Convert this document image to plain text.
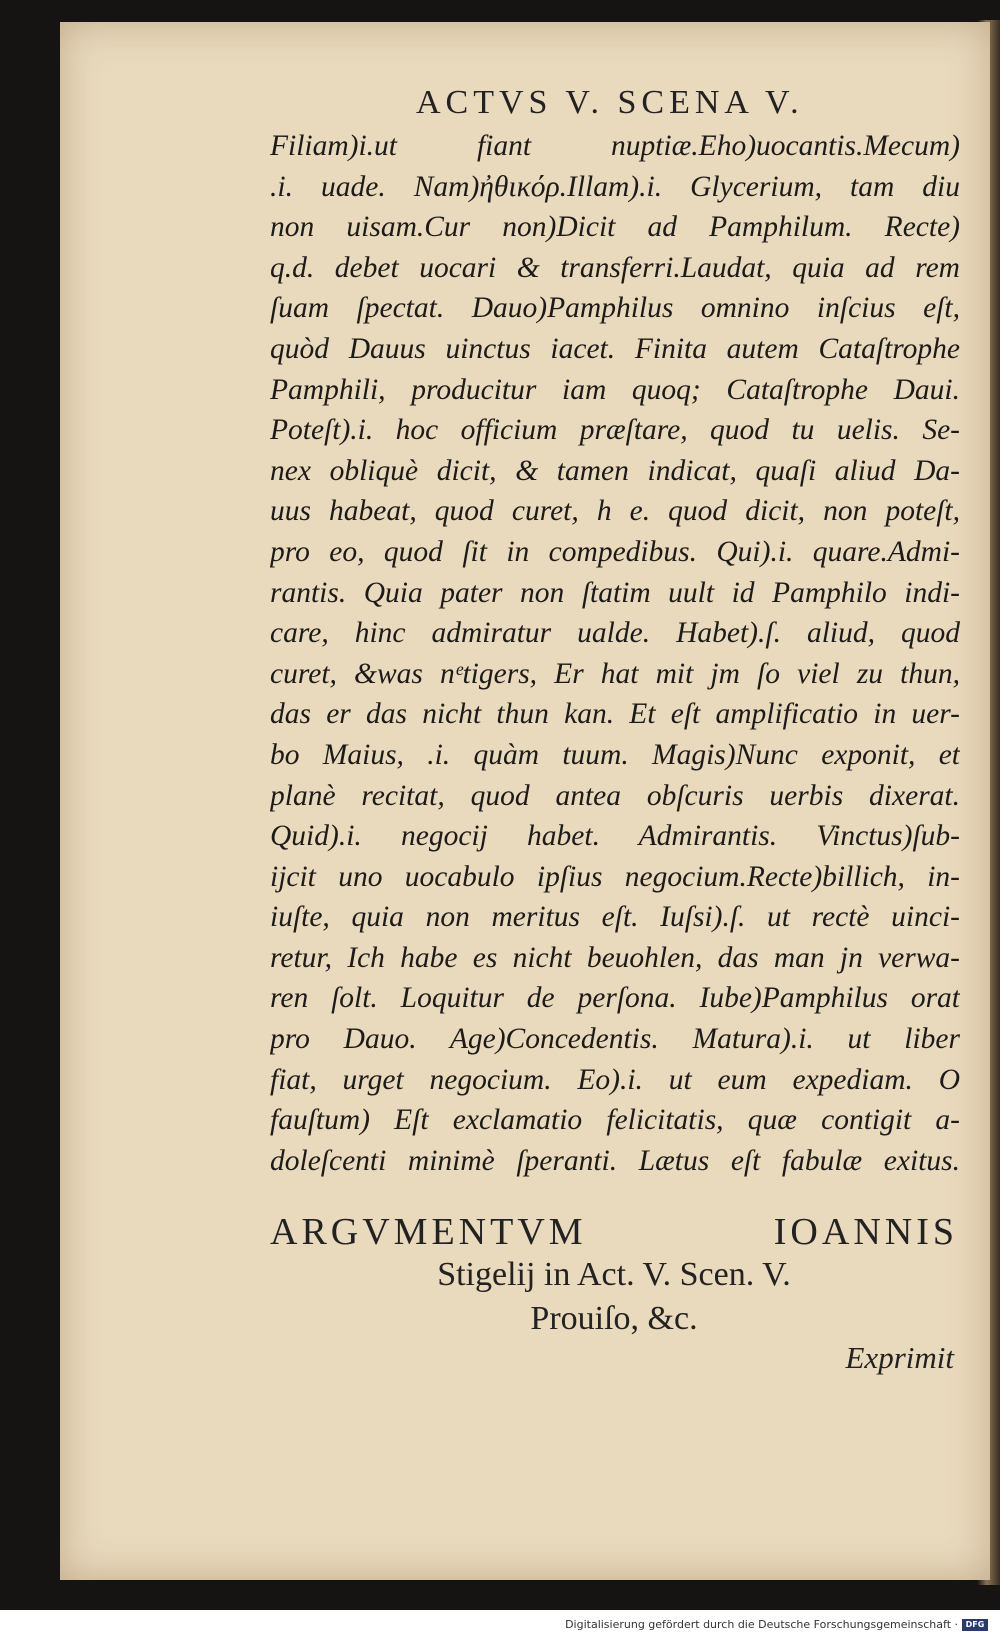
ACTVS V. SCENA V.
Filiam)i.ut fiant nuptiæ.Eho)uocantis.Mecum)
.i. uade. Nam)ἠθικόρ.Illam).i. Glycerium, tam diu
non uisam.Cur non)Dicit ad Pamphilum. Recte)
q.d. debet uocari & transferri.Laudat, quia ad rem
ſuam ſpectat. Dauo)Pamphilus omnino inſcius eſt,
quòd Dauus uinctus iacet. Finita autem Cataſtrophe
Pamphili, producitur iam quoq; Cataſtrophe Daui.
Poteſt).i. hoc officium præſtare, quod tu uelis. Se-
nex obliquè dicit, & tamen indicat, quaſi aliud Da-
uus habeat, quod curet, h e. quod dicit, non poteſt,
pro eo, quod ſit in compedibus. Qui).i. quare.Admi-
rantis. Quia pater non ſtatim uult id Pamphilo indi-
care, hinc admiratur ualde. Habet).ſ. aliud, quod
curet, &was nᵉtigers, Er hat mit jm ſo viel zu thun,
das er das nicht thun kan. Et eſt amplificatio in uer-
bo Maius, .i. quàm tuum. Magis)Nunc exponit, et
planè recitat, quod antea obſcuris uerbis dixerat.
Quid).i. negocij habet. Admirantis. Vinctus)ſub-
ijcit uno uocabulo ipſius negocium.Recte)billich, in-
iuſte, quia non meritus eſt. Iuſsi).ſ. ut rectè uinci-
retur, Ich habe es nicht beuohlen, das man jn verwa-
ren ſolt. Loquitur de perſona. Iube)Pamphilus orat
pro Dauo. Age)Concedentis. Matura).i. ut liber
fiat, urget negocium. Eo).i. ut eum expediam. O
fauſtum) Eſt exclamatio felicitatis, quæ contigit a-
doleſcenti minimè ſperanti. Lætus eſt fabulæ exitus.
ARGVMENTVM IOANNIS
Stigelij in Act. V. Scen. V.
Prouiſo, &c.
Exprimit
Digitalisierung gefördert durch die Deutsche Forschungsgemeinschaft · DFG
